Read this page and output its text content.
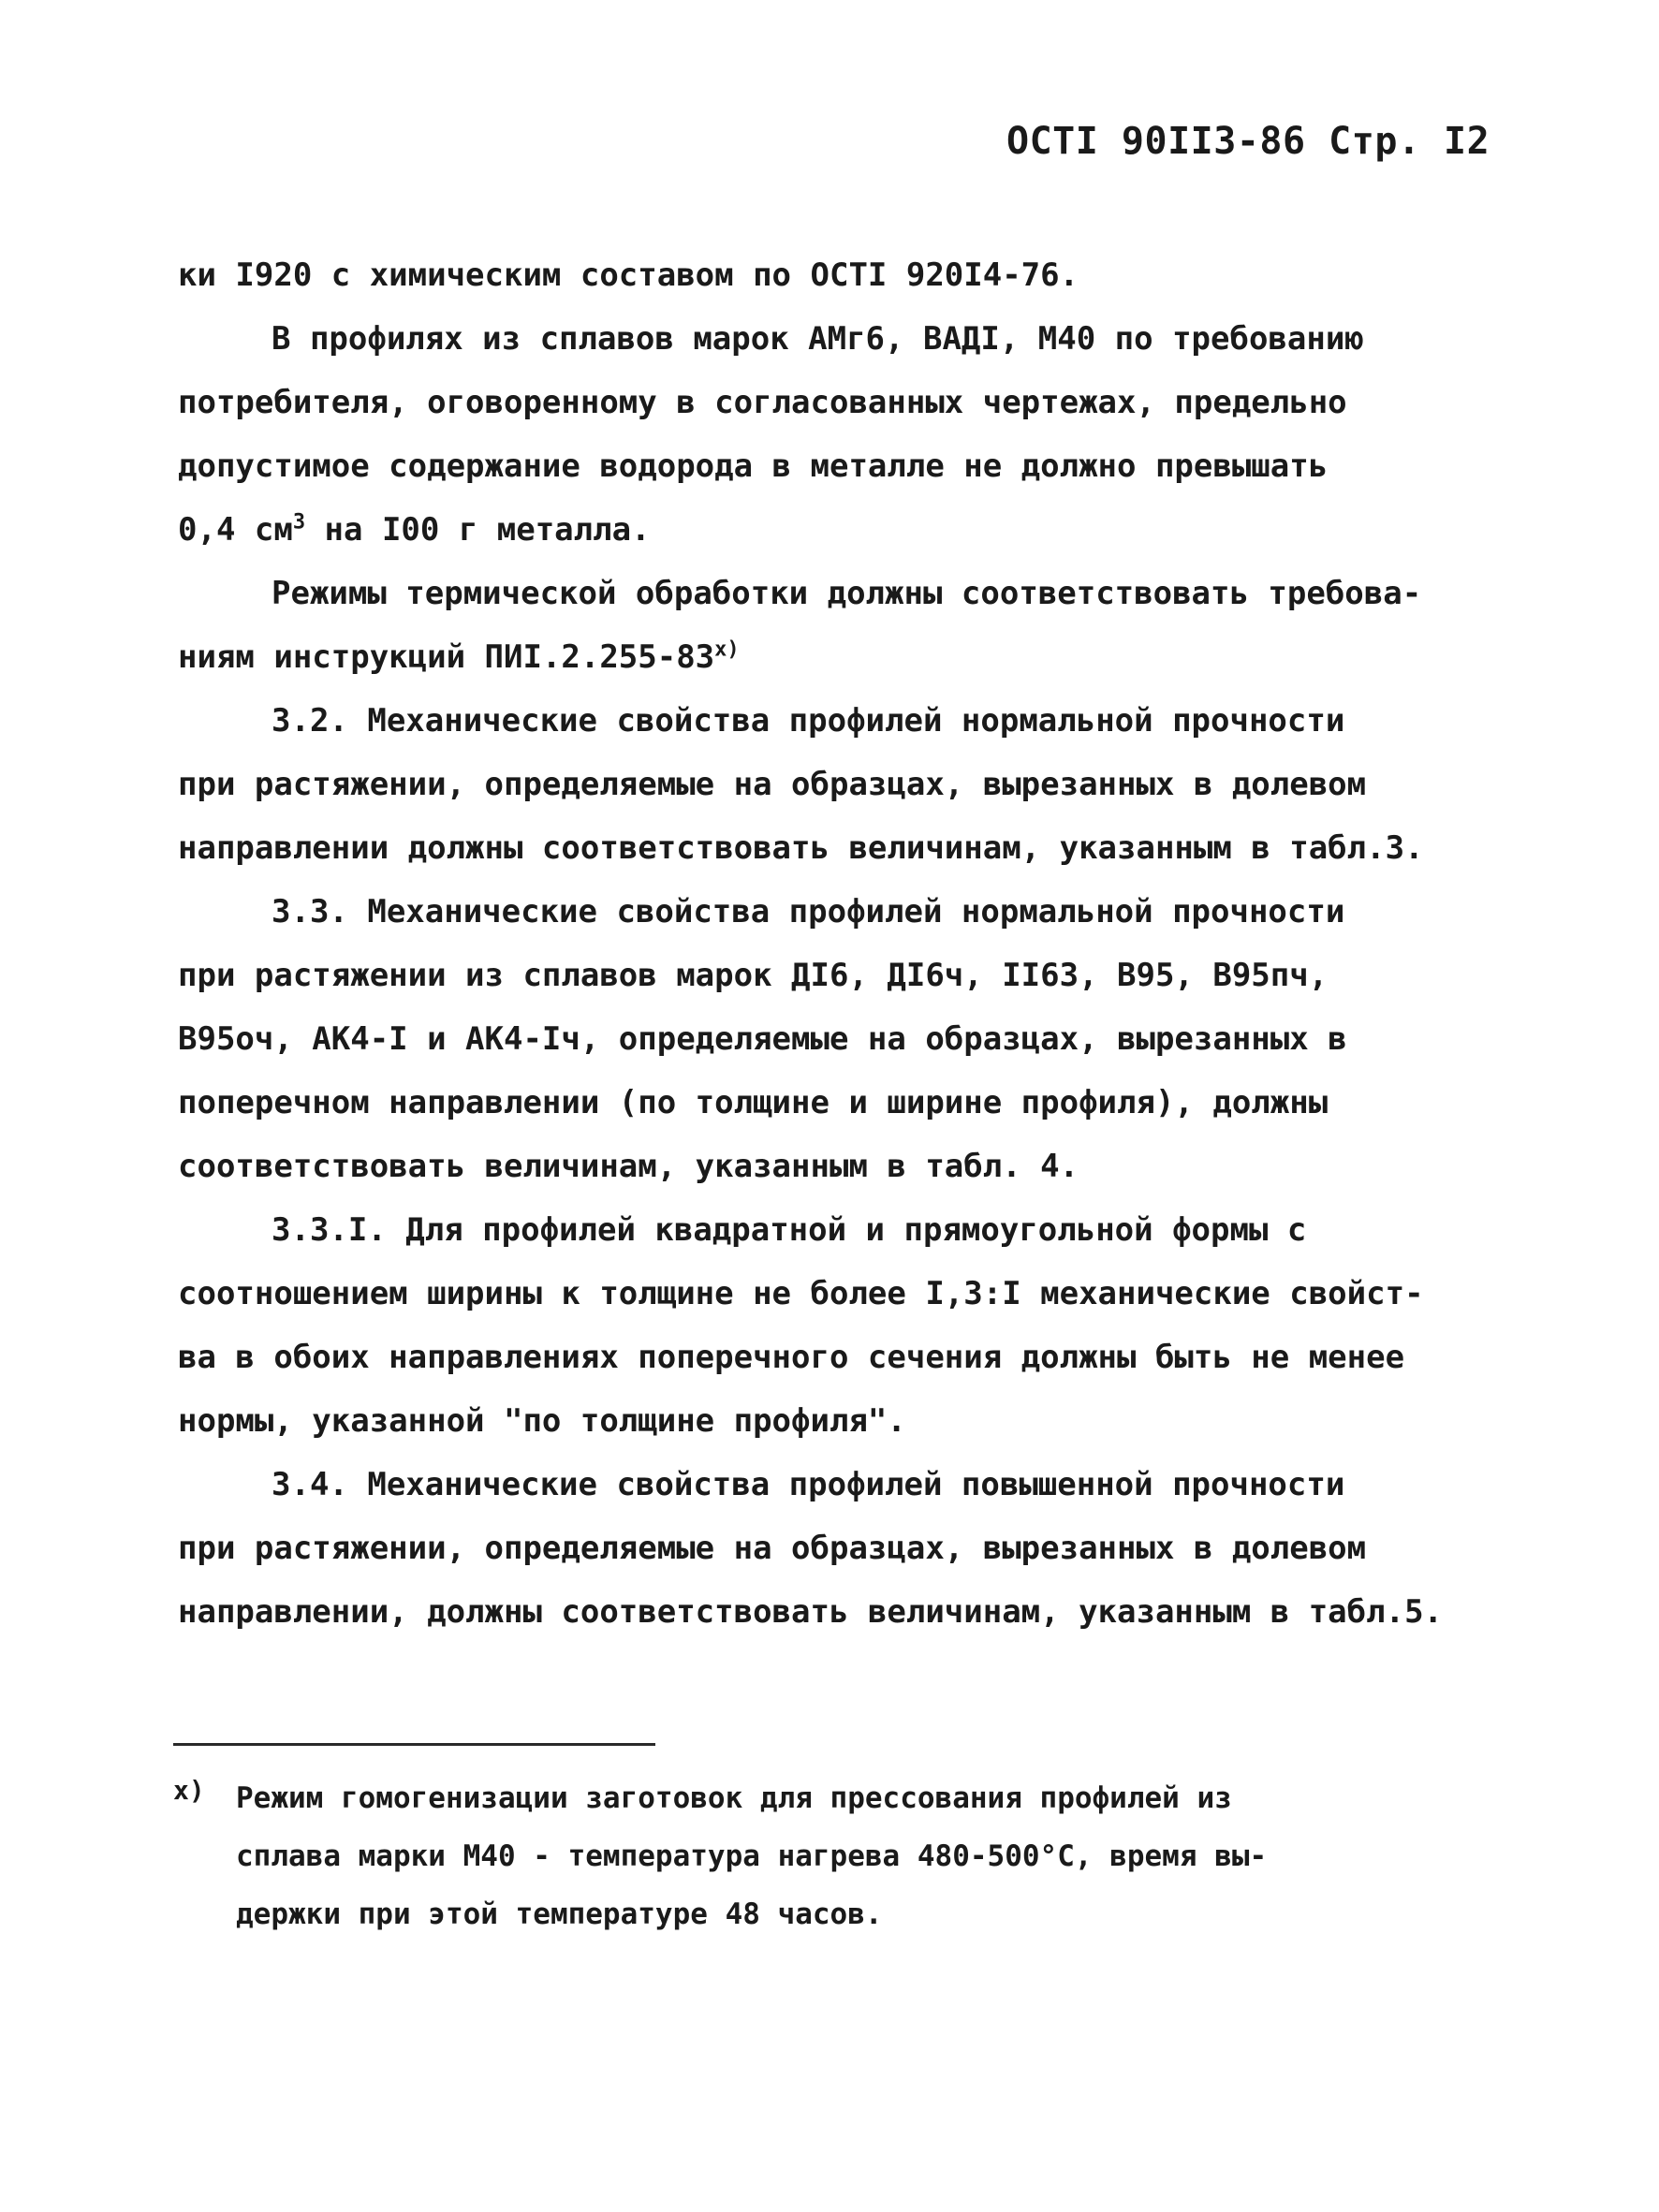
ОСТI 90II3-86 Стр. I2
ки I920 с химическим составом по ОСТI 920I4-76.
В профилях из сплавов марок АМг6, ВАДI, М40 по требованию
потребителя, оговоренному в согласованных чертежах, предельно
допустимое содержание водорода в металле не должно превышать
0,4 $см^3$ на I00 г металла.
Режимы термической обработки должны соответствовать требова-
ниям инструкций ПИI.2.255-83$^{x)}$
3.2. Механические свойства профилей нормальной прочности
при растяжении, определяемые на образцах, вырезанных в долевом
направлении должны соответствовать величинам, указанным в табл.3.
3.3. Механические свойства профилей нормальной прочности
при растяжении из сплавов марок ДI6, ДI6ч, II63, В95, В95пч,
В95оч, АК4-I и АК4-Iч, определяемые на образцах, вырезанных в
поперечном направлении (по толщине и ширине профиля), должны
соответствовать величинам, указанным в табл. 4.
3.3.I. Для профилей квадратной и прямоугольной формы с
соотношением ширины к толщине не более I,3:I механические свойст-
ва в обоих направлениях поперечного сечения должны быть не менее
нормы, указанной "по толщине профиля".
3.4. Механические свойства профилей повышенной прочности
при растяжении, определяемые на образцах, вырезанных в долевом
направлении, должны соответствовать величинам, указанным в табл.5.
x)	Режим гомогенизации заготовок для прессования профилей из
сплава марки М40 - температура нагрева 480-500°С, время вы-
держки при этой температуре 48 часов.
